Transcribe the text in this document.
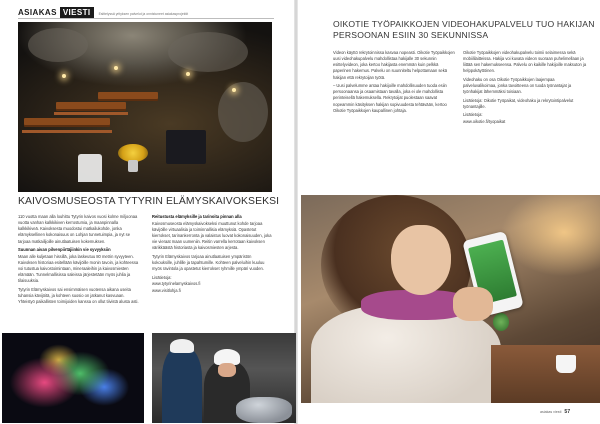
ASIAKAS VIESTI	Esittelyssä yrityksen palvelut ja onnistuneet asiakasprojektit
KAIVOSMUSEOSTA TYTYRIN ELÄMYSKAIVOKSEKSI

110 vuotta maan alla louhittu Tytyrin kaivos vuosi kolme miljoonaa vuotta vanhan kalkkikiven kerrostumia, ja maanpinnalla kalkkikiveä. Kaivoksesta muodostui matkailukohde, jonka elämyksellinen kokonaisuus on Lohjan tunnetuimpia, ja nyt se tarjoaa matkailijoille ainutlaatuisen kokemuksen.

Suunnan aivan pilvenpiirtäjiinkin vie syvyyksiin

Maan alle kuljetaan hissillä, joka laskeutuu 80 metrin syvyyteen. Kaivoksen historiaa esitellään kävijöille monin tavoin, ja kohteessa voi tutustua kaivostoimintaan, mineraaleihin ja kaivosmiesten elämään. Tunnelmallisissa saleissa järjestetään myös juhlia ja tilaisuuksia.

Tytyrin Elämyskaivos sai ensimmäisen vuotensa aikana useita tuhansia kävijöitä, ja kohteen suosio on jatkanut kasvuaan. Yhteistyö paikallisten toimijoiden kanssa on ollut tiivistä alusta asti.

Reitustusta elämyksille ja tarinoita pinnan alla

Kaivosmuseosta elämyskaivokseksi muuttunut kohde tarjoaa kävijöille virtuaalisia ja toiminnallisia elämyksiä. Opastetut kierrokset, tarinankerronta ja valaistus luovat kokonaisuuden, joka vie vieraat maan uumeniin. Reitin varrella kerrotaan kaivoksen värikkäästä historiasta ja kaivosmiesten arjesta.

Tytyrin Elämyskaivos tarjoaa ainutlaatuisen ympäristön kokouksille, juhlille ja tapahtumille. Kohteen palveluihin kuuluu myös ravintola ja opastetut kierrokset ryhmille ympäri vuoden.

Lisätietoja:

www.tytyrinelamyskaivos.fi

www.visitlohja.fi

OIKOTIE TYÖPAIKKOJEN VIDEOHAKUPALVELU TUO HAKIJAN PERSOONAN ESIIN 30 SEKUNNISSA

Videon käyttö rekrytoinnissa kasvaa nopeasti. Oikotie Työpaikkojen uusi videohakupalvelu mahdollistaa hakijalle 30 sekunnin esittelyvideon, joka kertoo hakijasta enemmän kuin pelkkä paperinen hakemus. Palvelu on suunniteltu helpottamaan sekä hakijan että rekrytoijan työtä.

– Uusi palvelumme antaa hakijoille mahdollisuuden tuoda esiin persoonaansa ja osaamistaan tavalla, joka ei ole mahdollista perinteisellä hakemuksella. Rekrytoijat puolestaan saavat nopeammin käsityksen hakijan sopivuudesta tehtävään, kertoo Oikotie Työpaikkojen kaupallinen johtaja.

Oikotie Työpaikkojen videohakupalvelu toimii selaimessa sekä mobiililaitteissa. Hakija voi kuvata videon suoraan puhelimellaan ja liittää sen hakemukseensa. Palvelu on kaikille hakijoille maksuton ja helppokäyttöinen.

Videohaku on osa Oikotie Työpaikkojen laajempaa palveluvalikoimaa, jonka tavoitteena on tuoda työnantajat ja työnhakijat lähemmäksi toisiaan.

Lisätietoja: Oikotie Työpaikat, videohaku ja rekrytointipalvelut työnantajille.

Lisätietoja:

www.oikotie.fi/tyopaikat

asiakas viesti 57
